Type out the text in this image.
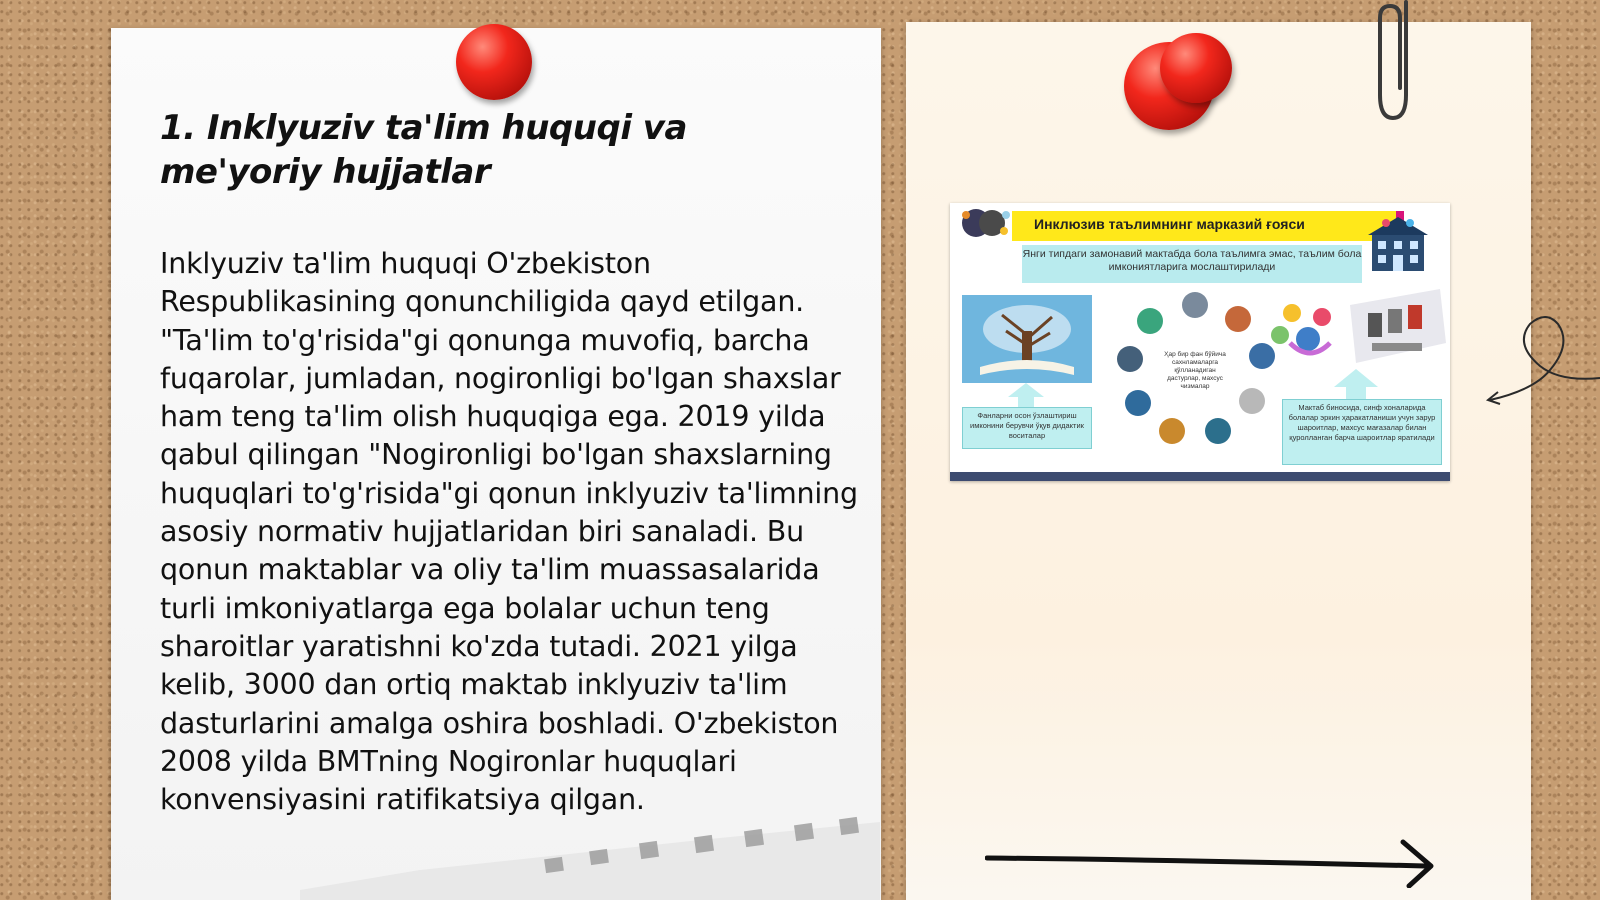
1. Inklyuziv ta'lim huquqi va me'yoriy hujjatlar

Inklyuziv ta'lim huquqi O'zbekiston Respublikasining qonunchiligida qayd etilgan. "Ta'lim to'g'risida"gi qonunga muvofiq, barcha fuqarolar, jumladan, nogironligi bo'lgan shaxslar ham teng ta'lim olish huquqiga ega. 2019 yilda qabul qilingan "Nogironligi bo'lgan shaxslarning huquqlari to'g'risida"gi qonun inklyuziv ta'limning asosiy normativ hujjatlaridan biri sanaladi. Bu qonun maktablar va oliy ta'lim muassasalarida turli imkoniyatlarga ega bolalar uchun teng sharoitlar yaratishni ko'zda tutadi. 2021 yilga kelib, 3000 dan ortiq maktab inklyuziv ta'lim dasturlarini amalga oshira boshladi. O'zbekiston 2008 yilda BMTning Nogironlar huquqlari konvensiyasini ratifikatsiya qilgan.

Инклюзив таълимнинг марказий ғояси
Янги типдаги замонавий мактабда бола таълимга эмас, таълим бола имкониятларига мослаштирилади
Фанларни осон ўзлаштириш имконини берувчи ўқув дидактик воситалар
Ҳар бир фан бўйича сахнламаларга қўлланадиган дастурлар, махсус чизмалар
Мактаб биносида, синф хоналарида болалар эркин ҳаракатланиши учун зарур шароитлар, махсус мағазалар билан қуролланган барча шароитлар яратилади
